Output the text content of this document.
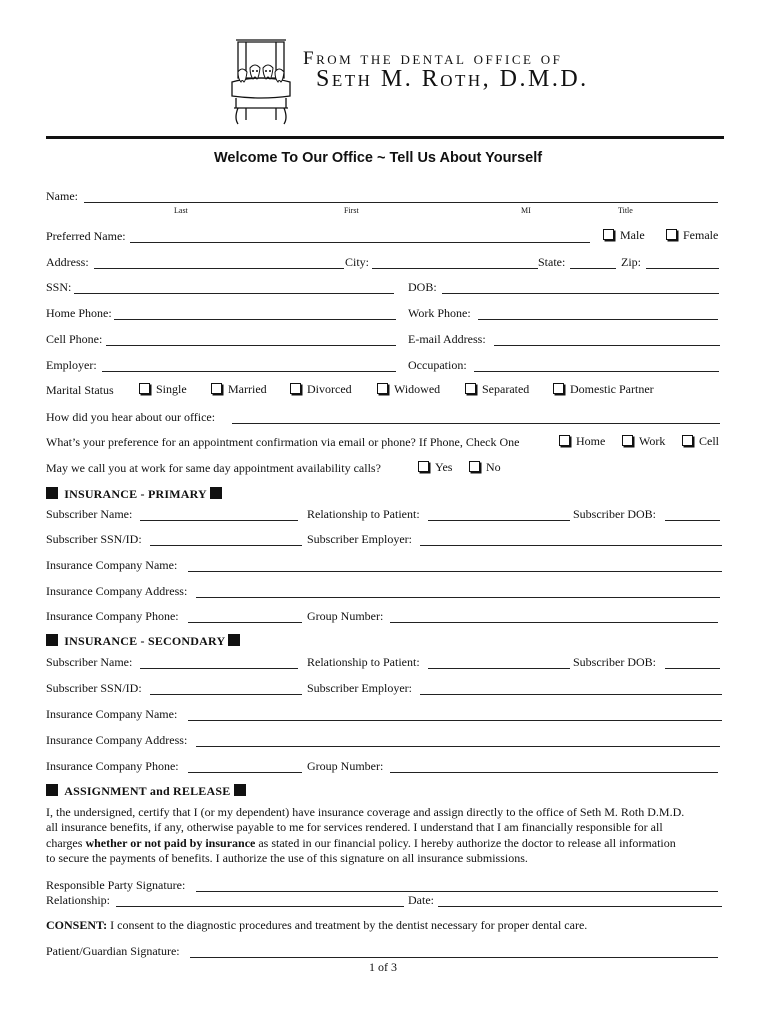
From the dental office of
Seth M. Roth, D.M.D.
Welcome To Our Office ~ Tell Us About Yourself
Name:
Last	First	MI	Title
Preferred Name:	Male	Female
Address:	City:	State:	Zip:
SSN:	DOB:
Home Phone:	Work Phone:
Cell Phone:	E-mail Address:
Employer:	Occupation:
Marital Status	Single	Married	Divorced	Widowed	Separated	Domestic Partner
How did you hear about our office:
What’s your preference for an appointment confirmation via email or phone? If Phone, Check One	Home	Work	Cell
May we call you at work for same day appointment availability calls?	Yes	No
INSURANCE - PRIMARY
Subscriber Name:	Relationship to Patient:	Subscriber DOB:
Subscriber SSN/ID:	Subscriber Employer:
Insurance Company Name:
Insurance Company Address:
Insurance Company Phone:	Group Number:
INSURANCE - SECONDARY
Subscriber Name:	Relationship to Patient:	Subscriber DOB:
Subscriber SSN/ID:	Subscriber Employer:
Insurance Company Name:
Insurance Company Address:
Insurance Company Phone:	Group Number:
ASSIGNMENT and RELEASE
I, the undersigned, certify that I (or my dependent) have insurance coverage and assign directly to the office of Seth M. Roth D.M.D.
all insurance benefits, if any, otherwise payable to me for services rendered. I understand that I am financially responsible for all
charges whether or not paid by insurance as stated in our financial policy. I hereby authorize the doctor to release all information
to secure the payments of benefits. I authorize the use of this signature on all insurance submissions.
Responsible Party Signature:
Relationship:	Date:
CONSENT: I consent to the diagnostic procedures and treatment by the dentist necessary for proper dental care.
Patient/Guardian Signature:
1 of 3
